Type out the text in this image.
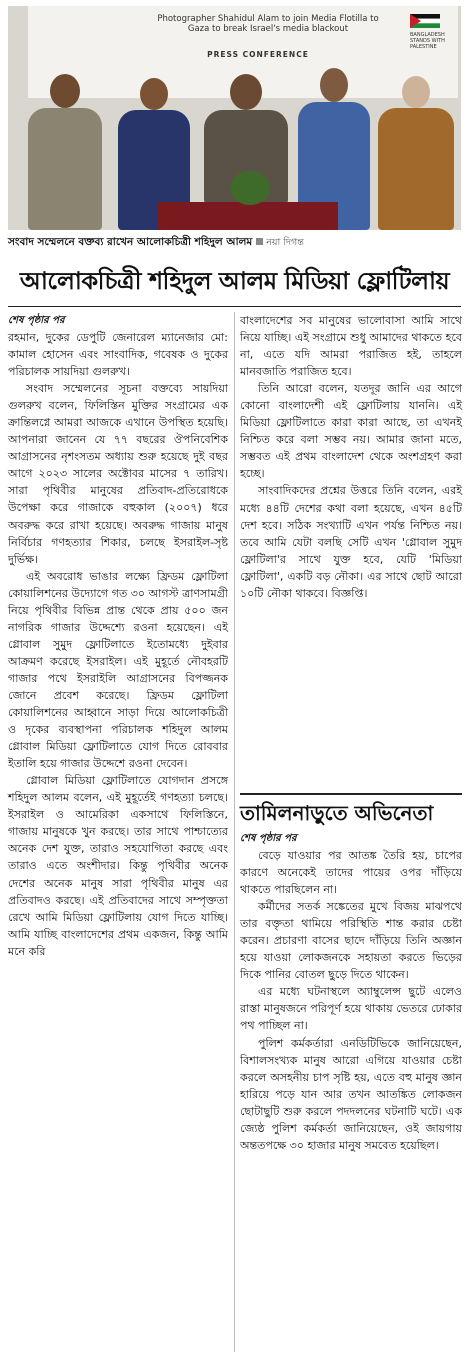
Photographer Shahidul Alam to join Media Flotilla to Gaza to break Israel's media blackout
PRESS CONFERENCE
BANGLADESH STANDS WITH PALESTINE
সংবাদ সম্মেলনে বক্তব্য রাখেন আলোকচিত্রী শহিদুল আলম নয়া দিগন্ত
আলোকচিত্রী শহিদুল আলম মিডিয়া ফ্লোটিলায়
শেষ পৃষ্ঠার পর

রহমান, দুকের ডেপুটি জেনারেল ম্যানেজার মো: কামাল হোসেন এবং সাংবাদিক, গবেষক ও দুকের পরিচালক সায়দিয়া গুলরুখ।

সংবাদ সম্মেলনের সূচনা বক্তব্যে সায়দিয়া গুলরুখ বলেন, ফিলিস্তিন মুক্তির সংগ্রামের এক ক্রান্তিলগ্নে আমরা আজকে এখানে উপস্থিত হয়েছি। আপনারা জানেন যে ৭৭ বছরের ঔপনিবেশিক আগ্রাসনের নৃশংসতম অধ্যায় শুরু হয়েছে দুই বছর আগে ২০২৩ সালের অক্টোবর মাসের ৭ তারিখ। সারা পৃথিবীর মানুষের প্রতিবাদ-প্রতিরোধকে উপেক্ষা করে গাজাকে বহুকাল (২০০৭) ধরে অবরুদ্ধ করে রাখা হয়েছে। অবরুদ্ধ গাজায় মানুষ নির্বিচার গণহত্যার শিকার, চলছে ইসরাইল-সৃষ্ট দুর্ভিক্ষ।

এই অবরোধ ভাঙার লক্ষ্যে ফ্রিডম ফ্লোটিলা কোয়ালিশনের উদ্যোগে গত ৩০ আগস্ট ত্রাণসামগ্রী নিয়ে পৃথিবীর বিভিন্ন প্রান্ত থেকে প্রায় ৫০০ জন নাগরিক গাজার উদ্দেশ্যে রওনা হয়েছেন। এই গ্লোবাল সুমুদ ফ্লোটিলাতে ইতোমধ্যে দুইবার আক্রমণ করেছে ইসরাইল। এই মুহূর্তে নৌবহরটি গাজার পথে ইসরাইলি আগ্রাসনের বিপজ্জনক জোনে প্রবেশ করেছে। ফ্রিডম ফ্লোটিলা কোয়ালিশনের আহ্বানে সাড়া দিয়ে আলোকচিত্রী ও দৃকের ব্যবস্থাপনা পরিচালক শহিদুল আলম গ্লোবাল মিডিয়া ফ্লোটিলাতে যোগ দিতে রোববার ইতালি হয়ে গাজার উদ্দেশে রওনা দেবেন।

গ্লোবাল মিডিয়া ফ্লোটিলাতে যোগদান প্রসঙ্গে শহিদুল আলম বলেন, এই মুহূর্তেই গণহত্যা চলছে। ইসরাইল ও আমেরিকা একসাথে ফিলিস্তিনে, গাজায় মানুষকে খুন করছে। তার সাথে পাশ্চাত্যের অনেক দেশ যুক্ত, তারাও সহযোগিতা করছে এবং তারাও এতে অংশীদার। কিন্তু পৃথিবীর অনেক দেশের অনেক মানুষ সারা পৃথিবীর মানুষ এর প্রতিবাদও করছে। এই প্রতিবাদের সাথে সম্পৃক্ততা রেখে আমি মিডিয়া ফ্লোটিলায় যোগ দিতে যাচ্ছি। আমি যাচ্ছি বাংলাদেশের প্রথম একজন, কিন্তু আমি মনে করি

বাংলাদেশের সব মানুষের ভালোবাসা আমি সাথে নিয়ে যাচ্ছি। এই সংগ্রামে শুধু আমাদের থাকতে হবে না, এতে যদি আমরা পরাজিত হই, তাহলে মানবজাতি পরাজিত হবে।

তিনি আরো বলেন, যতদূর জানি এর আগে কোনো বাংলাদেশী এই ফ্লোটিলায় যাননি। এই মিডিয়া ফ্লোটিলাতে কারা কারা আছে, তা এখনই নিশ্চিত করে বলা সম্ভব নয়। আমার জানা মতে, সম্ভবত এই প্রথম বাংলাদেশ থেকে অংশগ্রহণ করা হচ্ছে।

সাংবাদিকদের প্রশ্নের উত্তরে তিনি বলেন, এরই মধ্যে ৪৪টি দেশের কথা বলা হয়েছে, এখন ৪৫টি দেশ হবে। সঠিক সংখ্যাটি এখন পর্যন্ত নিশ্চিত নয়। তবে আমি যেটা বলছি সেটি এখন 'গ্লোবাল সুমুদ ফ্লোটিলা'র সাথে যুক্ত হবে, যেটি 'মিডিয়া ফ্লোটিলা', একটি বড় নৌকা। এর সাথে ছোট আরো ১০টি নৌকা থাকবে। বিজ্ঞপ্তি।

তামিলনাড়ুতে অভিনেতা
শেষ পৃষ্ঠার পর

বেড়ে যাওয়ার পর আতঙ্ক তৈরি হয়, চাপের কারণে অনেকেই তাদের পায়ের ওপর দাঁড়িয়ে থাকতে পারছিলেন না।

কর্মীদের সতর্ক সঙ্কেতের মুখে বিজয় মাঝপথে তার বক্তৃতা থামিয়ে পরিস্থিতি শান্ত করার চেষ্টা করেন। প্রচারণা বাসের ছাদে দাঁড়িয়ে তিনি অজ্ঞান হয়ে যাওয়া লোকজনকে সহায়তা করতে ভিড়ের দিকে পানির বোতল ছুড়ে দিতে থাকেন।

এর মধ্যে ঘটনাস্থলে অ্যাম্বুলেন্স ছুটে এলেও রাস্তা মানুষজনে পরিপূর্ণ হয়ে থাকায় ভেতরে ঢোকার পথ পাচ্ছিল না।

পুলিশ কর্মকর্তারা এনডিটিভিকে জানিয়েছেন, বিশালসংখ্যক মানুষ আরো এগিয়ে যাওয়ার চেষ্টা করলে অসহনীয় চাপ সৃষ্টি হয়, এতে বহু মানুষ জ্ঞান হারিয়ে পড়ে যান আর তখন আতঙ্কিত লোকজন ছোটাছুটি শুরু করলে পদদলনের ঘটনাটি ঘটে। এক জ্যেষ্ঠ পুলিশ কর্মকর্তা জানিয়েছেন, ওই জায়গায় অন্ততপক্ষে ৩০ হাজার মানুষ সমবেত হয়েছিল।
